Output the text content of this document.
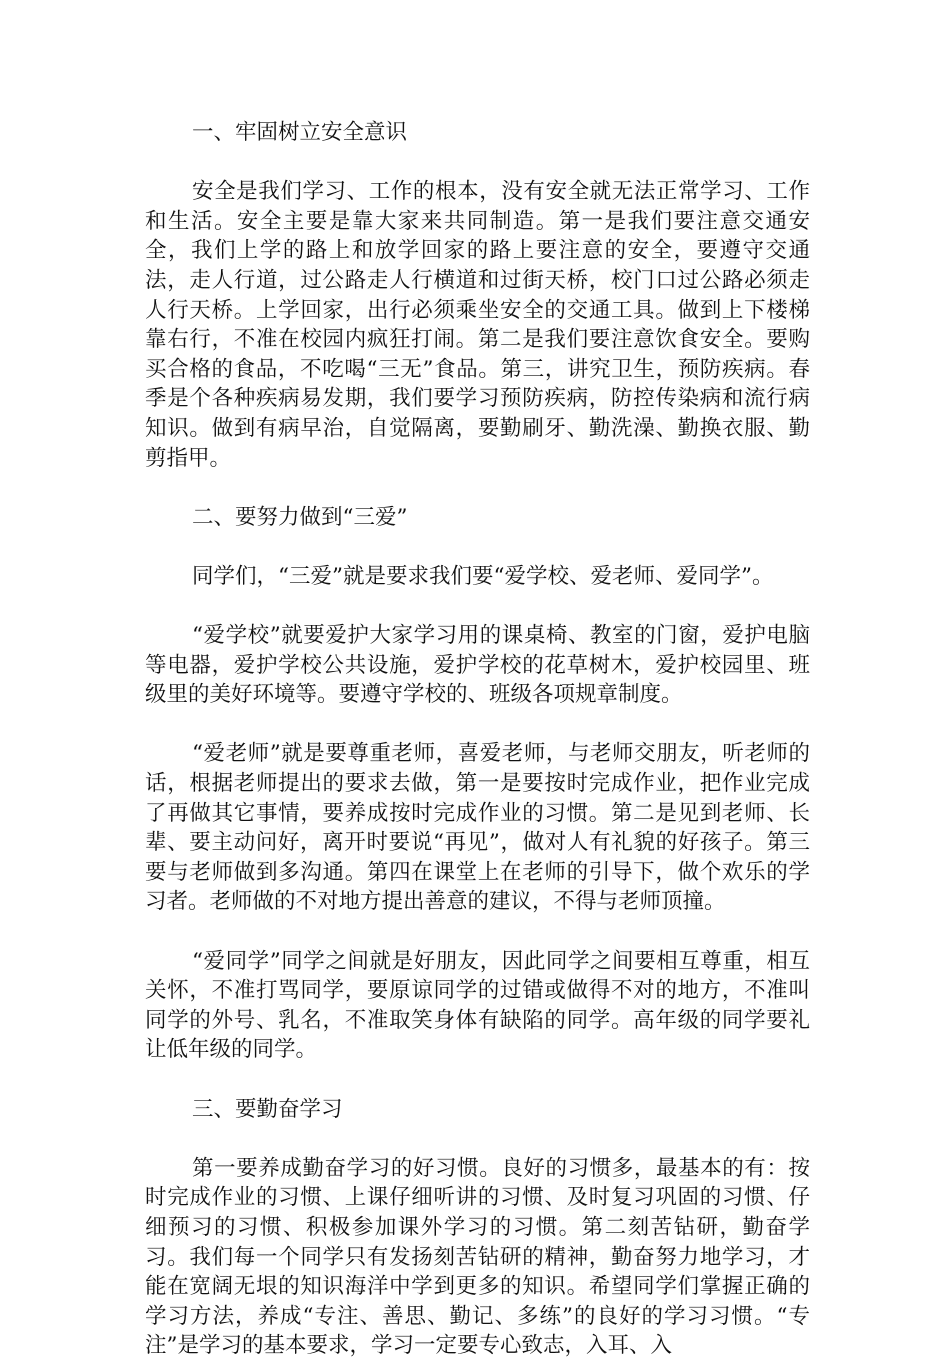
一、牢固树立安全意识

安全是我们学习、工作的根本，没有安全就无法正常学习、工作和生活。安全主要是靠大家来共同制造。第一是我们要注意交通安全，我们上学的路上和放学回家的路上要注意的安全，要遵守交通法，走人行道，过公路走人行横道和过街天桥，校门口过公路必须走人行天桥。上学回家，出行必须乘坐安全的交通工具。做到上下楼梯靠右行，不准在校园内疯狂打闹。第二是我们要注意饮食安全。要购买合格的食品，不吃喝“三无”食品。第三，讲究卫生，预防疾病。春季是个各种疾病易发期，我们要学习预防疾病，防控传染病和流行病知识。做到有病早治，自觉隔离，要勤刷牙、勤洗澡、勤换衣服、勤剪指甲。

二、要努力做到“三爱”

同学们，“三爱”就是要求我们要“爱学校、爱老师、爱同学”。

“爱学校”就要爱护大家学习用的课桌椅、教室的门窗，爱护电脑等电器，爱护学校公共设施，爱护学校的花草树木，爱护校园里、班级里的美好环境等。要遵守学校的、班级各项规章制度。

“爱老师”就是要尊重老师，喜爱老师，与老师交朋友，听老师的话，根据老师提出的要求去做，第一是要按时完成作业，把作业完成了再做其它事情，要养成按时完成作业的习惯。第二是见到老师、长辈、要主动问好，离开时要说“再见”，做对人有礼貌的好孩子。第三要与老师做到多沟通。第四在课堂上在老师的引导下，做个欢乐的学习者。老师做的不对地方提出善意的建议，不得与老师顶撞。

“爱同学”同学之间就是好朋友，因此同学之间要相互尊重，相互关怀，不准打骂同学，要原谅同学的过错或做得不对的地方，不准叫同学的外号、乳名，不准取笑身体有缺陷的同学。高年级的同学要礼让低年级的同学。

三、要勤奋学习

第一要养成勤奋学习的好习惯。良好的习惯多，最基本的有：按时完成作业的习惯、上课仔细听讲的习惯、及时复习巩固的习惯、仔细预习的习惯、积极参加课外学习的习惯。第二刻苦钻研，勤奋学习。我们每一个同学只有发扬刻苦钻研的精神，勤奋努力地学习，才能在宽阔无垠的知识海洋中学到更多的知识。希望同学们掌握正确的学习方法，养成“专注、善思、勤记、多练”的良好的学习习惯。“专注”是学习的基本要求，学习一定要专心致志，入耳、入
